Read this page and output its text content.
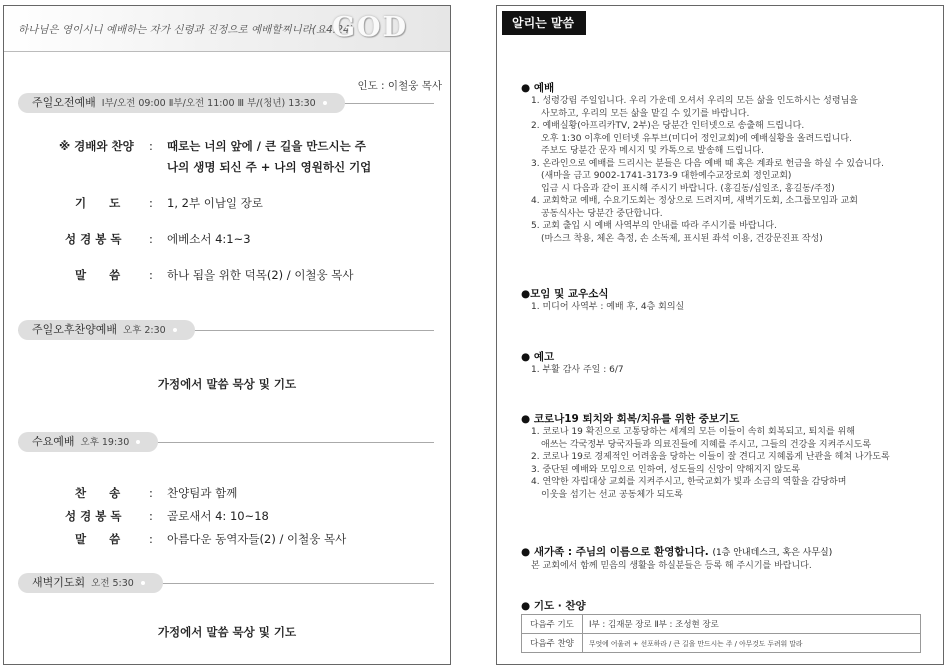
하나님은 영이시니 예배하는 자가 신령과 진정으로 예배할찌니라(요4:24)
GOD
인도 : 이철웅 목사
주일오전예배 Ⅰ부/오전 09:00 Ⅱ부/오전 11:00 Ⅲ 부/(청년) 13:30
※ 경배와 찬양 : 때로는 너의 앞에 / 큰 길을 만드시는 주
나의 생명 되신 주 + 나의 영원하신 기업
기　　도	: 1, 2부 이남일 장로
성 경 봉 독 : 에베소서 4:1~3
말　　씀	: 하나 됨을 위한 덕목(2) / 이철웅 목사
주일오후찬양예배 오후 2:30
가정에서 말씀 묵상 및 기도
수요예배 오후 19:30
찬　　송	: 찬양팀과 함께
성 경 봉 독 : 골로새서 4: 10~18
말　　씀	: 아름다운 동역자들(2) / 이철웅 목사
새벽기도회 오전 5:30
가정에서 말씀 묵상 및 기도
알리는 말씀
● 예배
1. 성령강림 주일입니다. 우리 가운데 오셔서 우리의 모든 삶을 인도하시는 성령님을
사모하고, 우리의 모든 삶을 맡길 수 있기를 바랍니다.
2. 예배실황(아프리카TV, 2부)은 당분간 인터넷으로 송출해 드립니다.
오후 1:30 이후에 인터넷 유투브(미디어 정인교회)에 예배실황을 올려드립니다.
주보도 당분간 문자 메시지 및 카톡으로 발송해 드립니다.
3. 온라인으로 예배를 드리시는 분들은 다음 예배 때 혹은 계좌로 헌금을 하실 수 있습니다.
(새마을 금고 9002-1741-3173-9 대한예수교장로회 정인교회)
입금 시 다음과 같이 표시해 주시기 바랍니다. (홍길동/십일조, 홍길동/주정)
4. 교회학교 예배, 수요기도회는 정상으로 드려지며, 새벽기도회, 소그룹모임과 교회
공동식사는 당분간 중단합니다.
5. 교회 출입 시 예배 사역부의 안내를 따라 주시기를 바랍니다.
(마스크 착용, 체온 측정, 손 소독제, 표시된 좌석 이용, 건강문진표 작성)
●모임 및 교우소식
1. 미디어 사역부 : 예배 후, 4층 회의실
● 예고
1. 부활 감사 주일 : 6/7
● 코로나19 퇴치와 회복/치유를 위한 중보기도
1. 코로나 19 확진으로 고통당하는 세계의 모든 이들이 속히 회복되고, 퇴치를 위해
애쓰는 각국정부 당국자들과 의료진들에 지혜를 주시고, 그들의 건강을 지켜주시도록
2. 코로나 19로 경제적인 어려움을 당하는 이들이 잘 견디고 지혜롭게 난관을 헤쳐 나가도록
3. 중단된 예배와 모임으로 인하여, 성도들의 신앙이 약해지지 않도록
4. 연약한 자립대상 교회를 지켜주시고, 한국교회가 빛과 소금의 역할을 감당하며
이웃을 섬기는 선교 공동체가 되도록
● 새가족 : 주님의 이름으로 환영합니다. (1층 안내데스크, 혹은 사무실)
본 교회에서 함께 믿음의 생활을 하실분들은 등록 해 주시기를 바랍니다.
● 기도 · 찬양
다음주 기도	Ⅰ부 : 김재문 장로 Ⅱ부 : 조성현 장로
다음주 찬양	무엇에 어울려 + 선포하라 / 큰 길을 만드시는 주 / 아무것도 두려워 말라
